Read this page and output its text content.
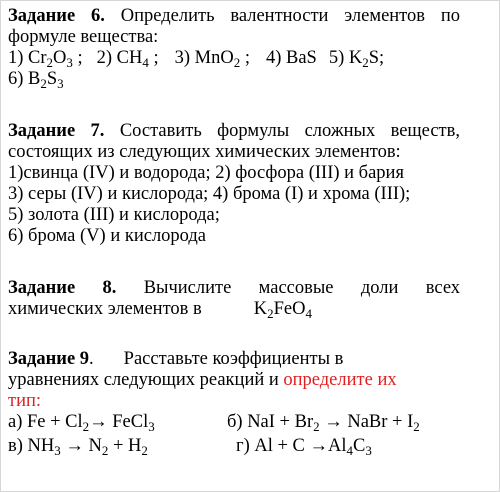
Задание 6. Определить валентности элементов по
формуле вещества:
1) $Cr_2O_3$ ; 2) $CH_4$ ; 3) MnO$_2$ ; 4) BaS 5) $K_2S$;
6) $B_2S_3$
Задание 7. Составить формулы сложных веществ,
состоящих из следующих химических элементов:
1)свинца (IV) и водорода; 2) фосфора (III) и бария
3) серы (IV) и кислорода; 4) брома (I) и хрома (III);
5) золота (III) и кислорода;
6) брома (V) и кислорода
Задание 8. Вычислите массовые доли всех
химических элементов в	$K_2FeO_4$
Задание 9. Расставьте коэффициенты в
уравнениях следующих реакций и определите их
тип:
а) $Fe + Cl_2\to$ FeCl$_3$	б) NaI + $Br_2$ → NaBr + $I_2$
в) $NH_3 \to N_2 + H_2$	г) $Al + C \to Al_4C_3$
